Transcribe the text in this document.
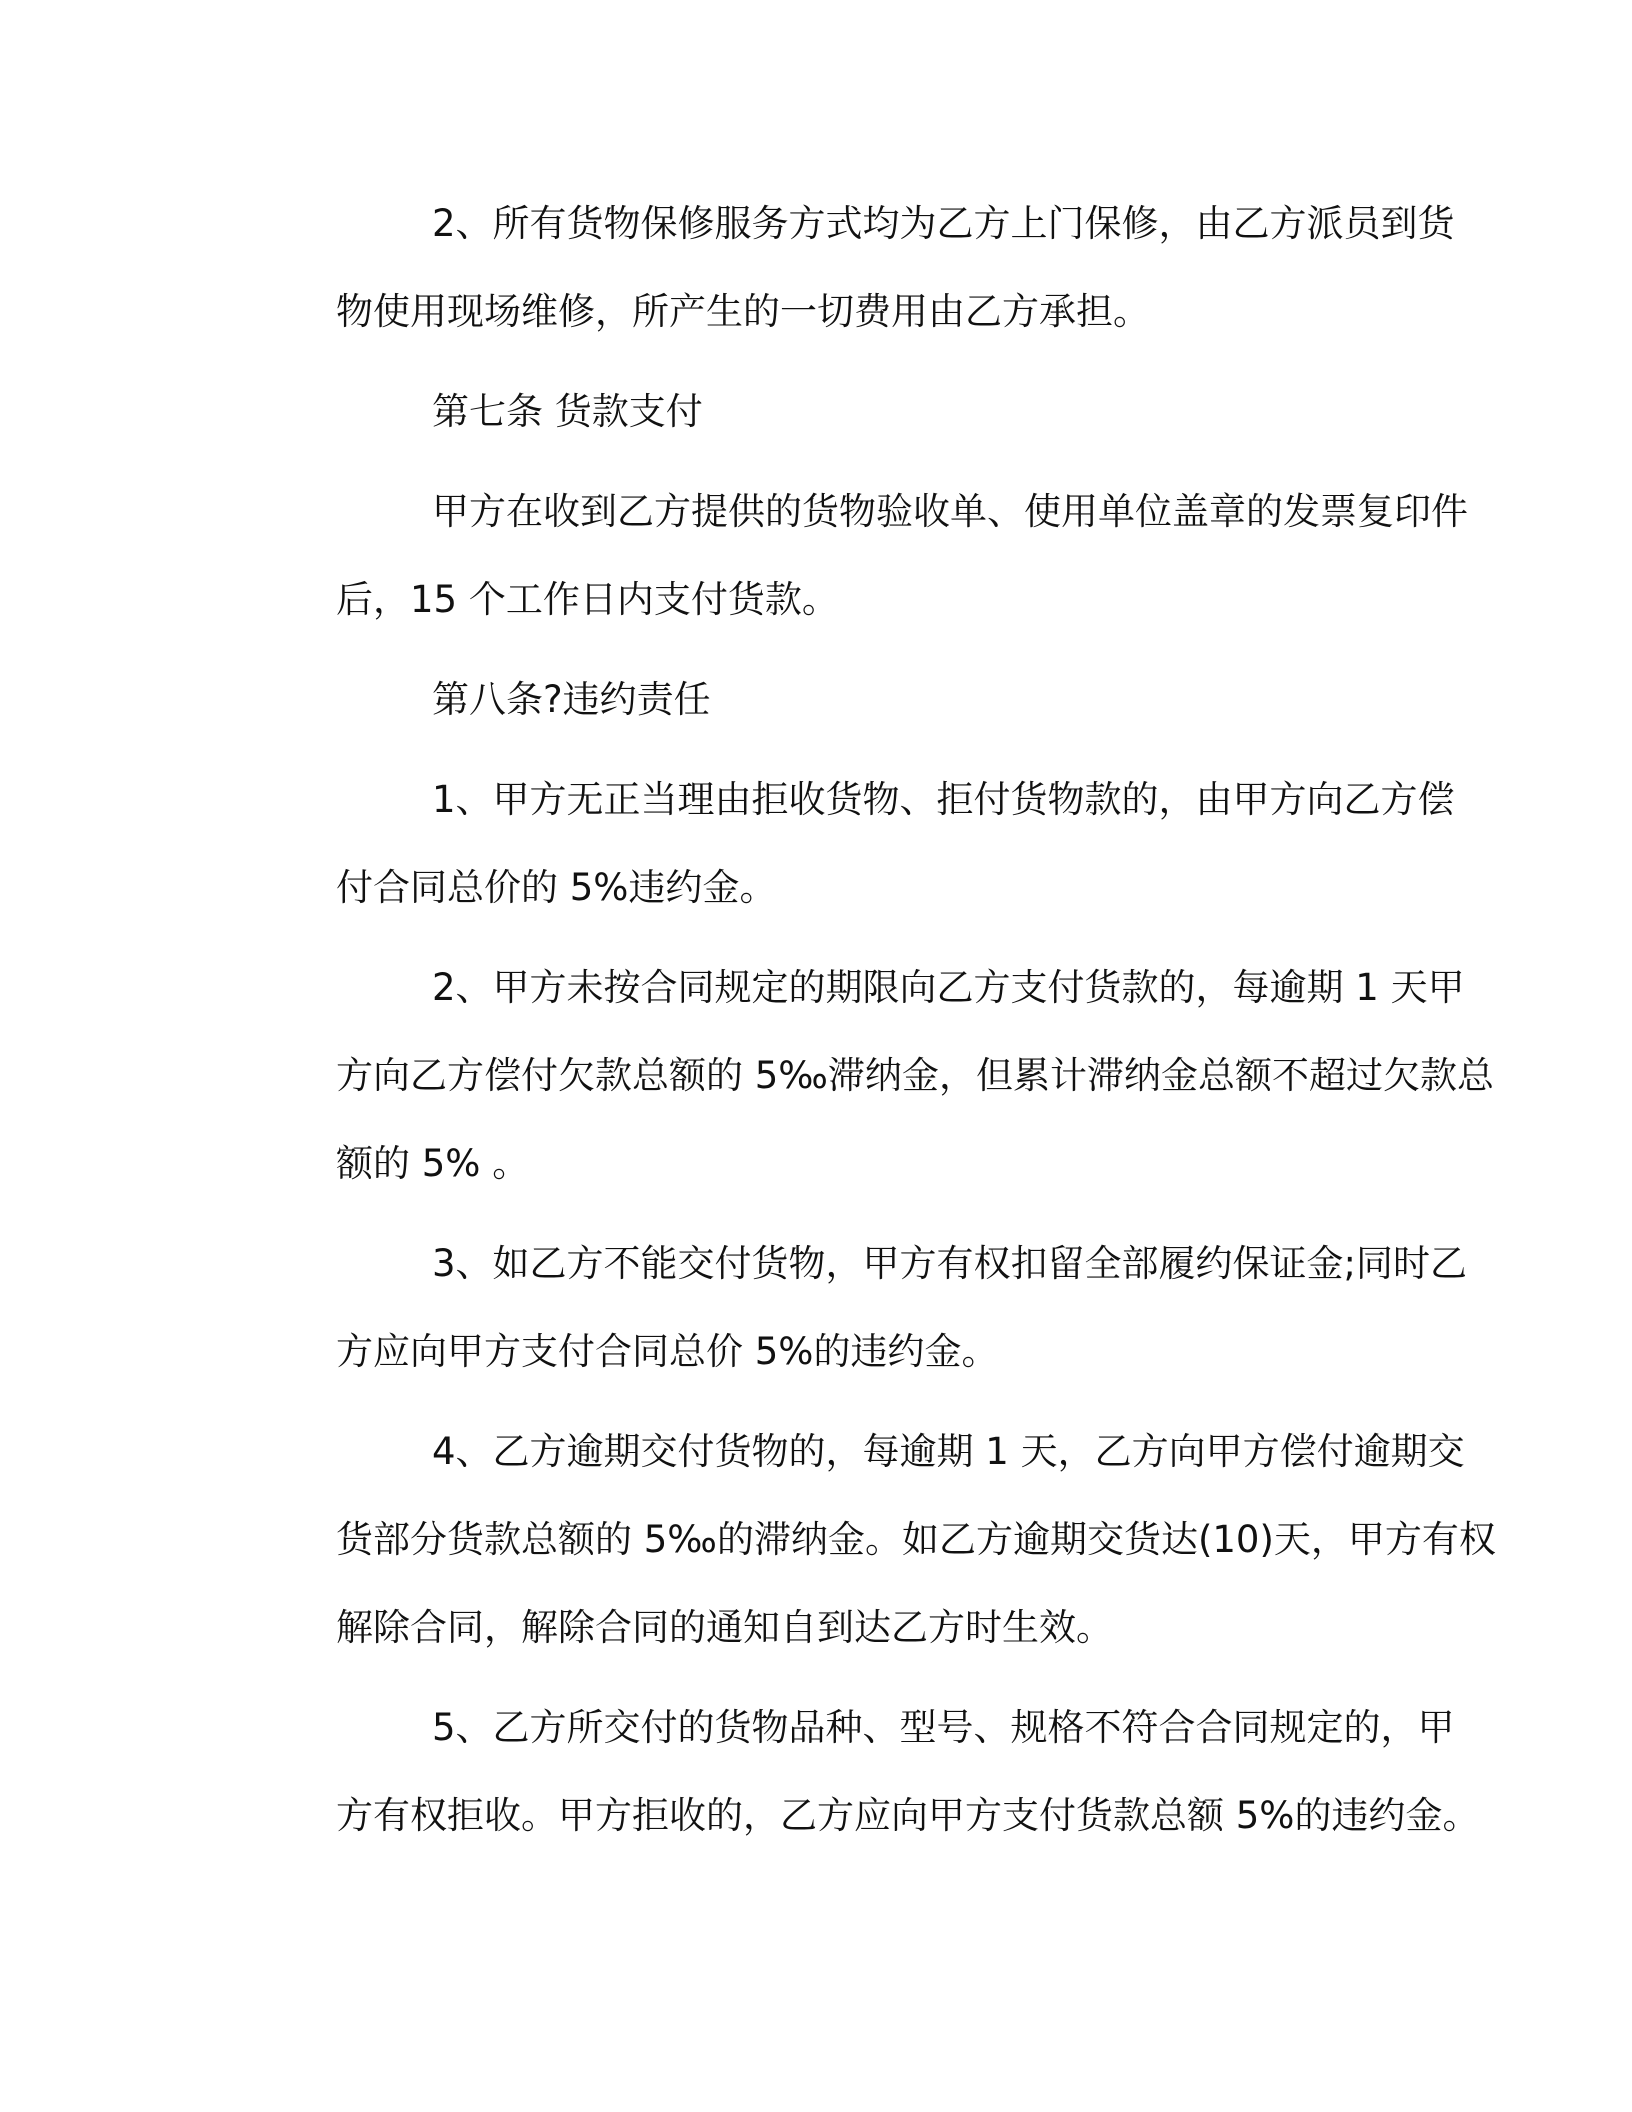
2、所有货物保修服务方式均为乙方上门保修，由乙方派员到货
物使用现场维修，所产生的一切费用由乙方承担。
第七条 货款支付
甲方在收到乙方提供的货物验收单、使用单位盖章的发票复印件
后，15 个工作日内支付货款。
第八条?违约责任
1、甲方无正当理由拒收货物、拒付货物款的，由甲方向乙方偿
付合同总价的 5%违约金。
2、甲方未按合同规定的期限向乙方支付货款的，每逾期 1 天甲
方向乙方偿付欠款总额的 5‰滞纳金，但累计滞纳金总额不超过欠款总
额的 5% 。
3、如乙方不能交付货物，甲方有权扣留全部履约保证金;同时乙
方应向甲方支付合同总价 5%的违约金。
4、乙方逾期交付货物的，每逾期 1 天，乙方向甲方偿付逾期交
货部分货款总额的 5‰的滞纳金。如乙方逾期交货达(10)天，甲方有权
解除合同，解除合同的通知自到达乙方时生效。
5、乙方所交付的货物品种、型号、规格不符合合同规定的，甲
方有权拒收。甲方拒收的，乙方应向甲方支付货款总额 5%的违约金。
